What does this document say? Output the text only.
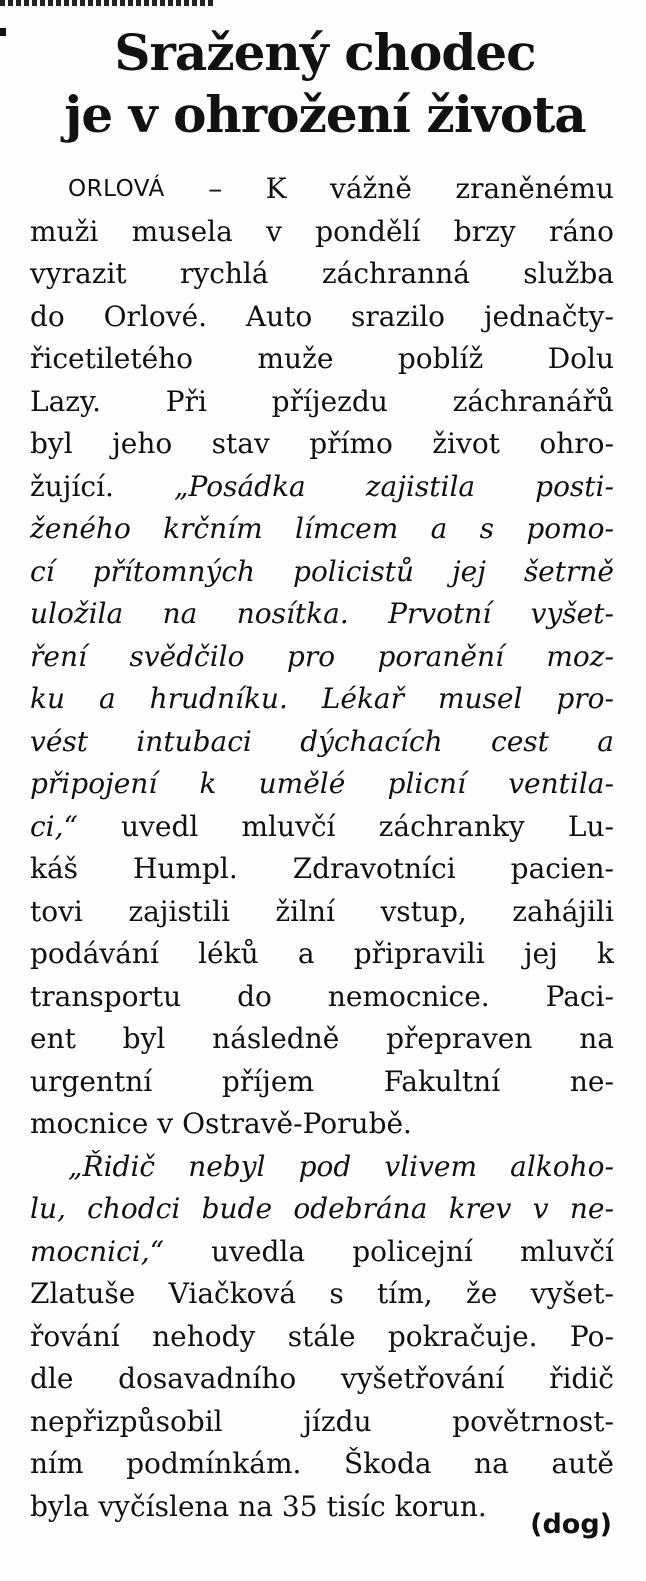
Sražený chodec
je v ohrožení života
ORLOVÁ – K vážně zraněnému
muži musela v pondělí brzy ráno
vyrazit rychlá záchranná služba
do Orlové. Auto srazilo jednačty-
řicetiletého muže poblíž Dolu
Lazy. Při příjezdu záchranářů
byl jeho stav přímo život ohro-
žující. „Posádka zajistila posti-
ženého krčním límcem a s pomo-
cí přítomných policistů jej šetrně
uložila na nosítka. Prvotní vyšet-
ření svědčilo pro poranění moz-
ku a hrudníku. Lékař musel pro-
vést intubaci dýchacích cest a
připojení k umělé plicní ventila-
ci,“ uvedl mluvčí záchranky Lu-
káš Humpl. Zdravotníci pacien-
tovi zajistili žilní vstup, zahájili
podávání léků a připravili jej k
transportu do nemocnice. Paci-
ent byl následně přepraven na
urgentní příjem Fakultní ne-
mocnice v Ostravě-Porubě.
„Řidič nebyl pod vlivem alkoho-
lu, chodci bude odebrána krev v ne-
mocnici,“ uvedla policejní mluvčí
Zlatuše Viačková s tím, že vyšet-
řování nehody stále pokračuje. Po-
dle dosavadního vyšetřování řidič
nepřizpůsobil	jízdu	povětrnost-
ním podmínkám. Škoda na autě
byla vyčíslena na 35 tisíc korun.
(dog)
